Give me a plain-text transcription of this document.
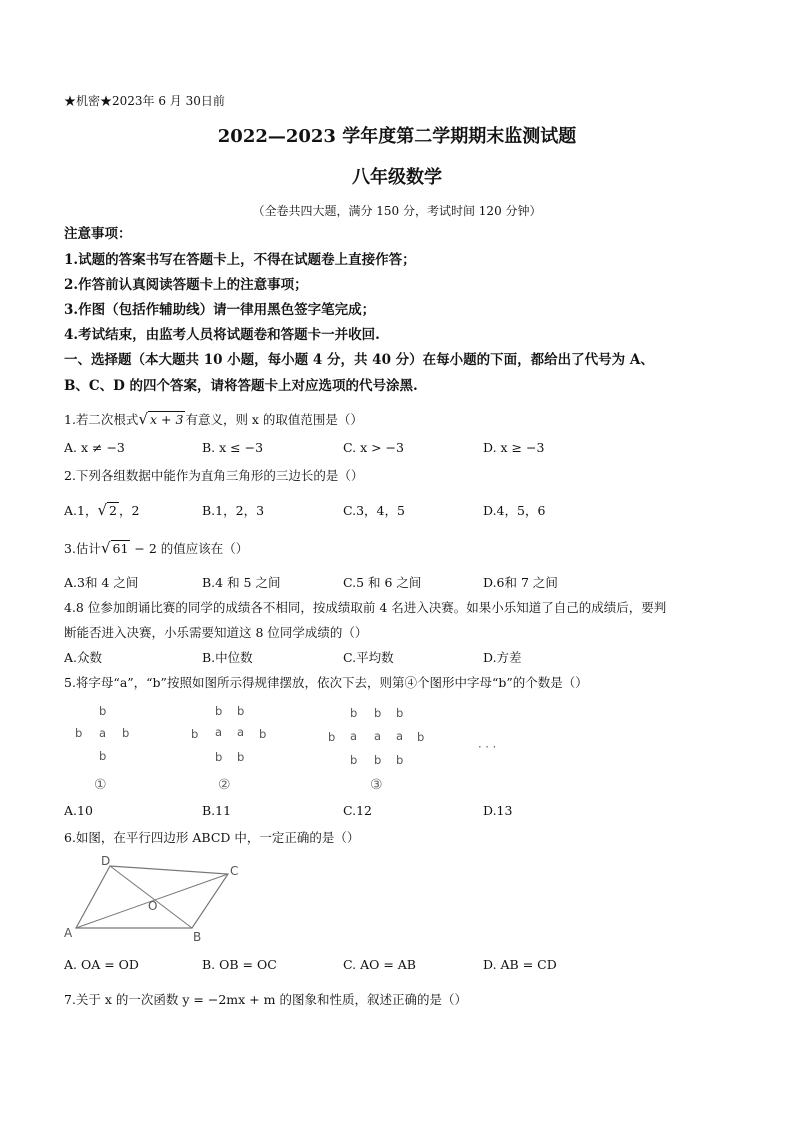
★机密★2023年 6 月 30日前
2022—2023 学年度第二学期期末监测试题
八年级数学
（全卷共四大题，满分 150 分，考试时间 120 分钟）
注意事项：
1.试题的答案书写在答题卡上，不得在试题卷上直接作答；
2.作答前认真阅读答题卡上的注意事项；
3.作图（包括作辅助线）请一律用黑色签字笔完成；
4.考试结束，由监考人员将试题卷和答题卡一并收回.
一、选择题（本大题共 10 小题，每小题 4 分，共 40 分）在每小题的下面，都给出了代号为 A、
B、C、D 的四个答案，请将答题卡上对应选项的代号涂黑.
1.若二次根式√ x + 3 有意义，则 x 的取值范围是（）
A. x ≠ −3	B. x ≤ −3	C. x > −3	D. x ≥ −3
2.下列各组数据中能作为直角三角形的三边长的是（）
A.1，√ 2 ，2	B.1，2，3	C.3，4，5	D.4，5，6
3.估计√ 61 − 2 的值应该在（）
A.3和 4 之间	B.4 和 5 之间	C.5 和 6 之间	D.6和 7 之间
4.8 位参加朗诵比赛的同学的成绩各不相同，按成绩取前 4 名进入决赛。如果小乐知道了自己的成绩后，要判
断能否进入决赛，小乐需要知道这 8 位同学成绩的（）
A.众数	B.中位数	C.平均数	D.方差
5.将字母“a”，“b”按照如图所示得规律摆放，依次下去，则第④个图形中字母“b”的个数是（）
b
b a b
b
①
b b
b a a b
b b
②
b b b
b a a a b
b b b
③
· · ·
A.10	B.11	C.12	D.13
6.如图，在平行四边形 ABCD 中，一定正确的是（）
A	B
C
D
O
A. OA = OD	B. OB = OC	C. AO = AB	D. AB = CD
7.关于 x 的一次函数 y = −2mx + m 的图象和性质，叙述正确的是（）
